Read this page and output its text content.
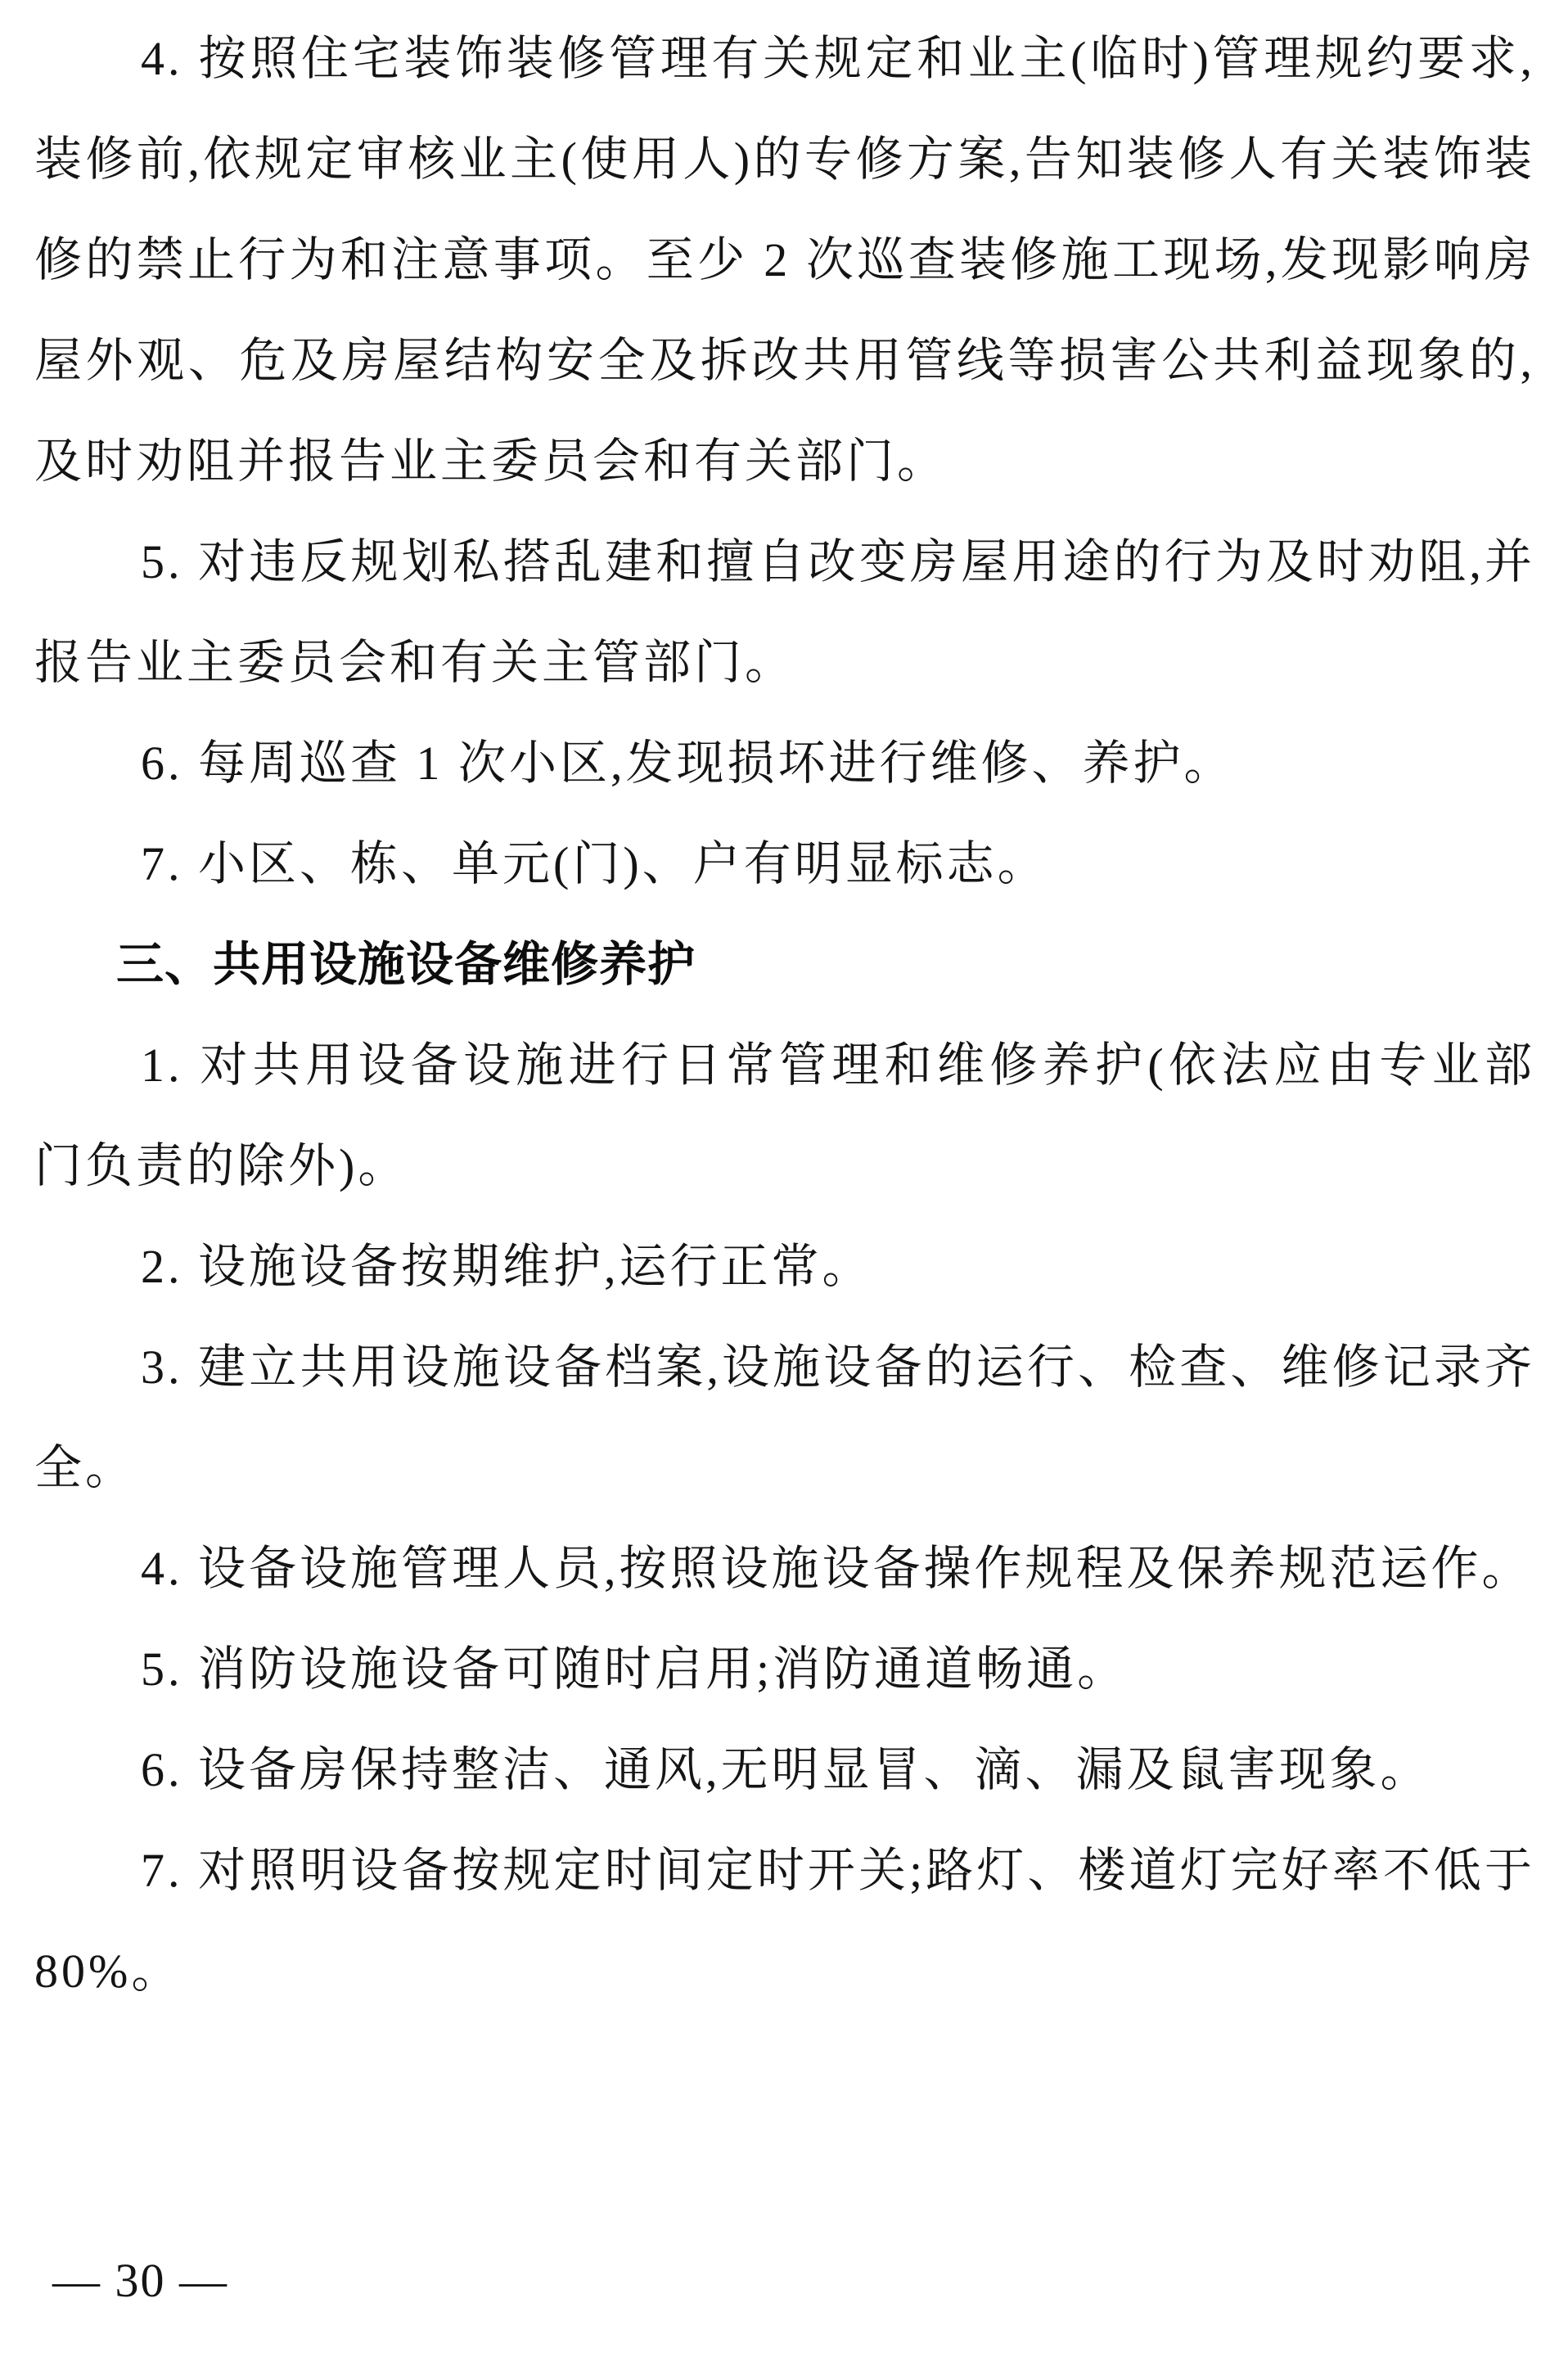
4. 按照住宅装饰装修管理有关规定和业主(临时)管理规约要求,装修前,依规定审核业主(使用人)的专修方案,告知装修人有关装饰装修的禁止行为和注意事项。至少 2 次巡查装修施工现场,发现影响房屋外观、危及房屋结构安全及拆改共用管线等损害公共利益现象的,及时劝阻并报告业主委员会和有关部门。

5. 对违反规划私搭乱建和擅自改变房屋用途的行为及时劝阻,并报告业主委员会和有关主管部门。

6. 每周巡查 1 次小区,发现损坏进行维修、养护。

7. 小区、栋、单元(门)、户有明显标志。

三、共用设施设备维修养护

1. 对共用设备设施进行日常管理和维修养护(依法应由专业部门负责的除外)。

2. 设施设备按期维护,运行正常。

3. 建立共用设施设备档案,设施设备的运行、检查、维修记录齐全。

4. 设备设施管理人员,按照设施设备操作规程及保养规范运作。

5. 消防设施设备可随时启用;消防通道畅通。

6. 设备房保持整洁、通风,无明显冒、滴、漏及鼠害现象。

7. 对照明设备按规定时间定时开关;路灯、楼道灯完好率不低于 80%。

— 30 —
